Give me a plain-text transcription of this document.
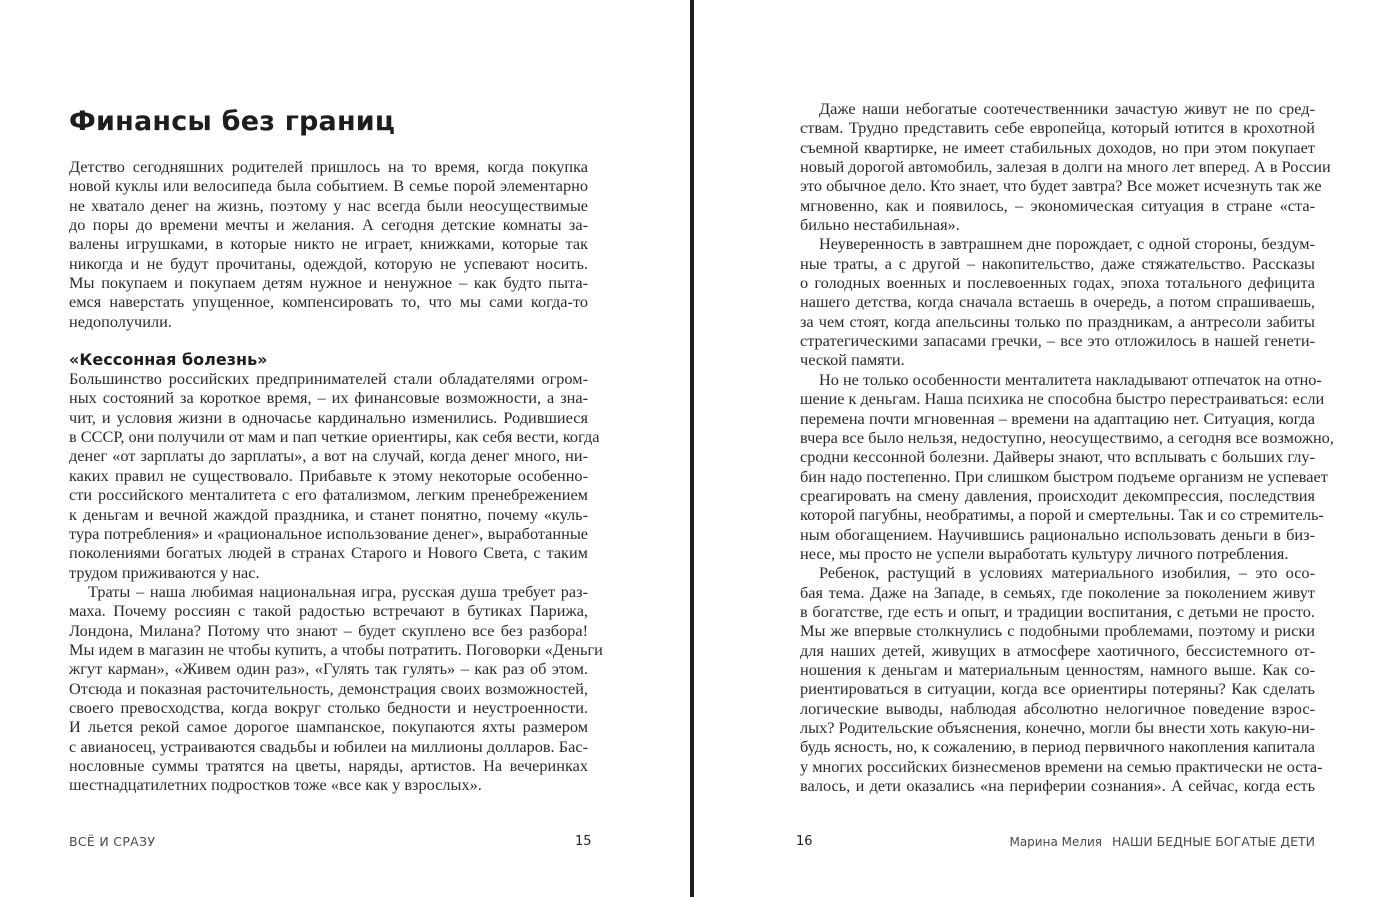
Финансы без границ
Детство сегодняшних родителей пришлось на то время, когда покупка
новой куклы или велосипеда была событием. В семье порой элементарно
не хватало денег на жизнь, поэтому у нас всегда были неосуществимые
до поры до времени мечты и желания. А сегодня детские комнаты за-
валены игрушками, в которые никто не играет, книжками, которые так
никогда и не будут прочитаны, одеждой, которую не успевают носить.
Мы покупаем и покупаем детям нужное и ненужное – как будто пыта-
емся наверстать упущенное, компенсировать то, что мы сами когда-то
недополучили.
«Кессонная болезнь»
Большинство российских предпринимателей стали обладателями огром-
ных состояний за короткое время, – их финансовые возможности, а зна-
чит, и условия жизни в одночасье кардинально изменились. Родившиеся
в СССР, они получили от мам и пап четкие ориентиры, как себя вести, когда
денег «от зарплаты до зарплаты», а вот на случай, когда денег много, ни-
каких правил не существовало. Прибавьте к этому некоторые особенно-
сти российского менталитета с его фатализмом, легким пренебрежением
к деньгам и вечной жаждой праздника, и станет понятно, почему «куль-
тура потребления» и «рациональное использование денег», выработанные
поколениями богатых людей в странах Старого и Нового Света, с таким
трудом приживаются у нас.
Траты – наша любимая национальная игра, русская душа требует раз-
маха. Почему россиян с такой радостью встречают в бутиках Парижа,
Лондона, Милана? Потому что знают – будет скуплено все без разбора!
Мы идем в магазин не чтобы купить, а чтобы потратить. Поговорки «Деньги
жгут карман», «Живем один раз», «Гулять так гулять» – как раз об этом.
Отсюда и показная расточительность, демонстрация своих возможностей,
своего превосходства, когда вокруг столько бедности и неустроенности.
И льется рекой самое дорогое шампанское, покупаются яхты размером
с авианосец, устраиваются свадьбы и юбилеи на миллионы долларов. Бас-
нословные суммы тратятся на цветы, наряды, артистов. На вечеринках
шестнадцатилетних подростков тоже «все как у взрослых».
ВСЁ И СРАЗУ	15
Даже наши небогатые соотечественники зачастую живут не по сред-
ствам. Трудно представить себе европейца, который ютится в крохотной
съемной квартирке, не имеет стабильных доходов, но при этом покупает
новый дорогой автомобиль, залезая в долги на много лет вперед. А в России
это обычное дело. Кто знает, что будет завтра? Все может исчезнуть так же
мгновенно, как и появилось, – экономическая ситуация в стране «ста-
бильно нестабильная».
Неуверенность в завтрашнем дне порождает, с одной стороны, бездум-
ные траты, а с другой – накопительство, даже стяжательство. Рассказы
о голодных военных и послевоенных годах, эпоха тотального дефицита
нашего детства, когда сначала встаешь в очередь, а потом спрашиваешь,
за чем стоят, когда апельсины только по праздникам, а антресоли забиты
стратегическими запасами гречки, – все это отложилось в нашей генети-
ческой памяти.
Но не только особенности менталитета накладывают отпечаток на отно-
шение к деньгам. Наша психика не способна быстро перестраиваться: если
перемена почти мгновенная – времени на адаптацию нет. Ситуация, когда
вчера все было нельзя, недоступно, неосуществимо, а сегодня все возможно,
сродни кессонной болезни. Дайверы знают, что всплывать с больших глу-
бин надо постепенно. При слишком быстром подъеме организм не успевает
среагировать на смену давления, происходит декомпрессия, последствия
которой пагубны, необратимы, а порой и смертельны. Так и со стремитель-
ным обогащением. Научившись рационально использовать деньги в биз-
несе, мы просто не успели выработать культуру личного потребления.
Ребенок, растущий в условиях материального изобилия, – это осо-
бая тема. Даже на Западе, в семьях, где поколение за поколением живут
в богатстве, где есть и опыт, и традиции воспитания, с детьми не просто.
Мы же впервые столкнулись с подобными проблемами, поэтому и риски
для наших детей, живущих в атмосфере хаотичного, бессистемного от-
ношения к деньгам и материальным ценностям, намного выше. Как со-
риентироваться в ситуации, когда все ориентиры потеряны? Как сделать
логические выводы, наблюдая абсолютно нелогичное поведение взрос-
лых? Родительские объяснения, конечно, могли бы внести хоть какую-ни-
будь ясность, но, к сожалению, в период первичного накопления капитала
у многих российских бизнесменов времени на семью практически не оста-
валось, и дети оказались «на периферии сознания». А сейчас, когда есть
16	Марина Мелия НАШИ БЕДНЫЕ БОГАТЫЕ ДЕТИ
